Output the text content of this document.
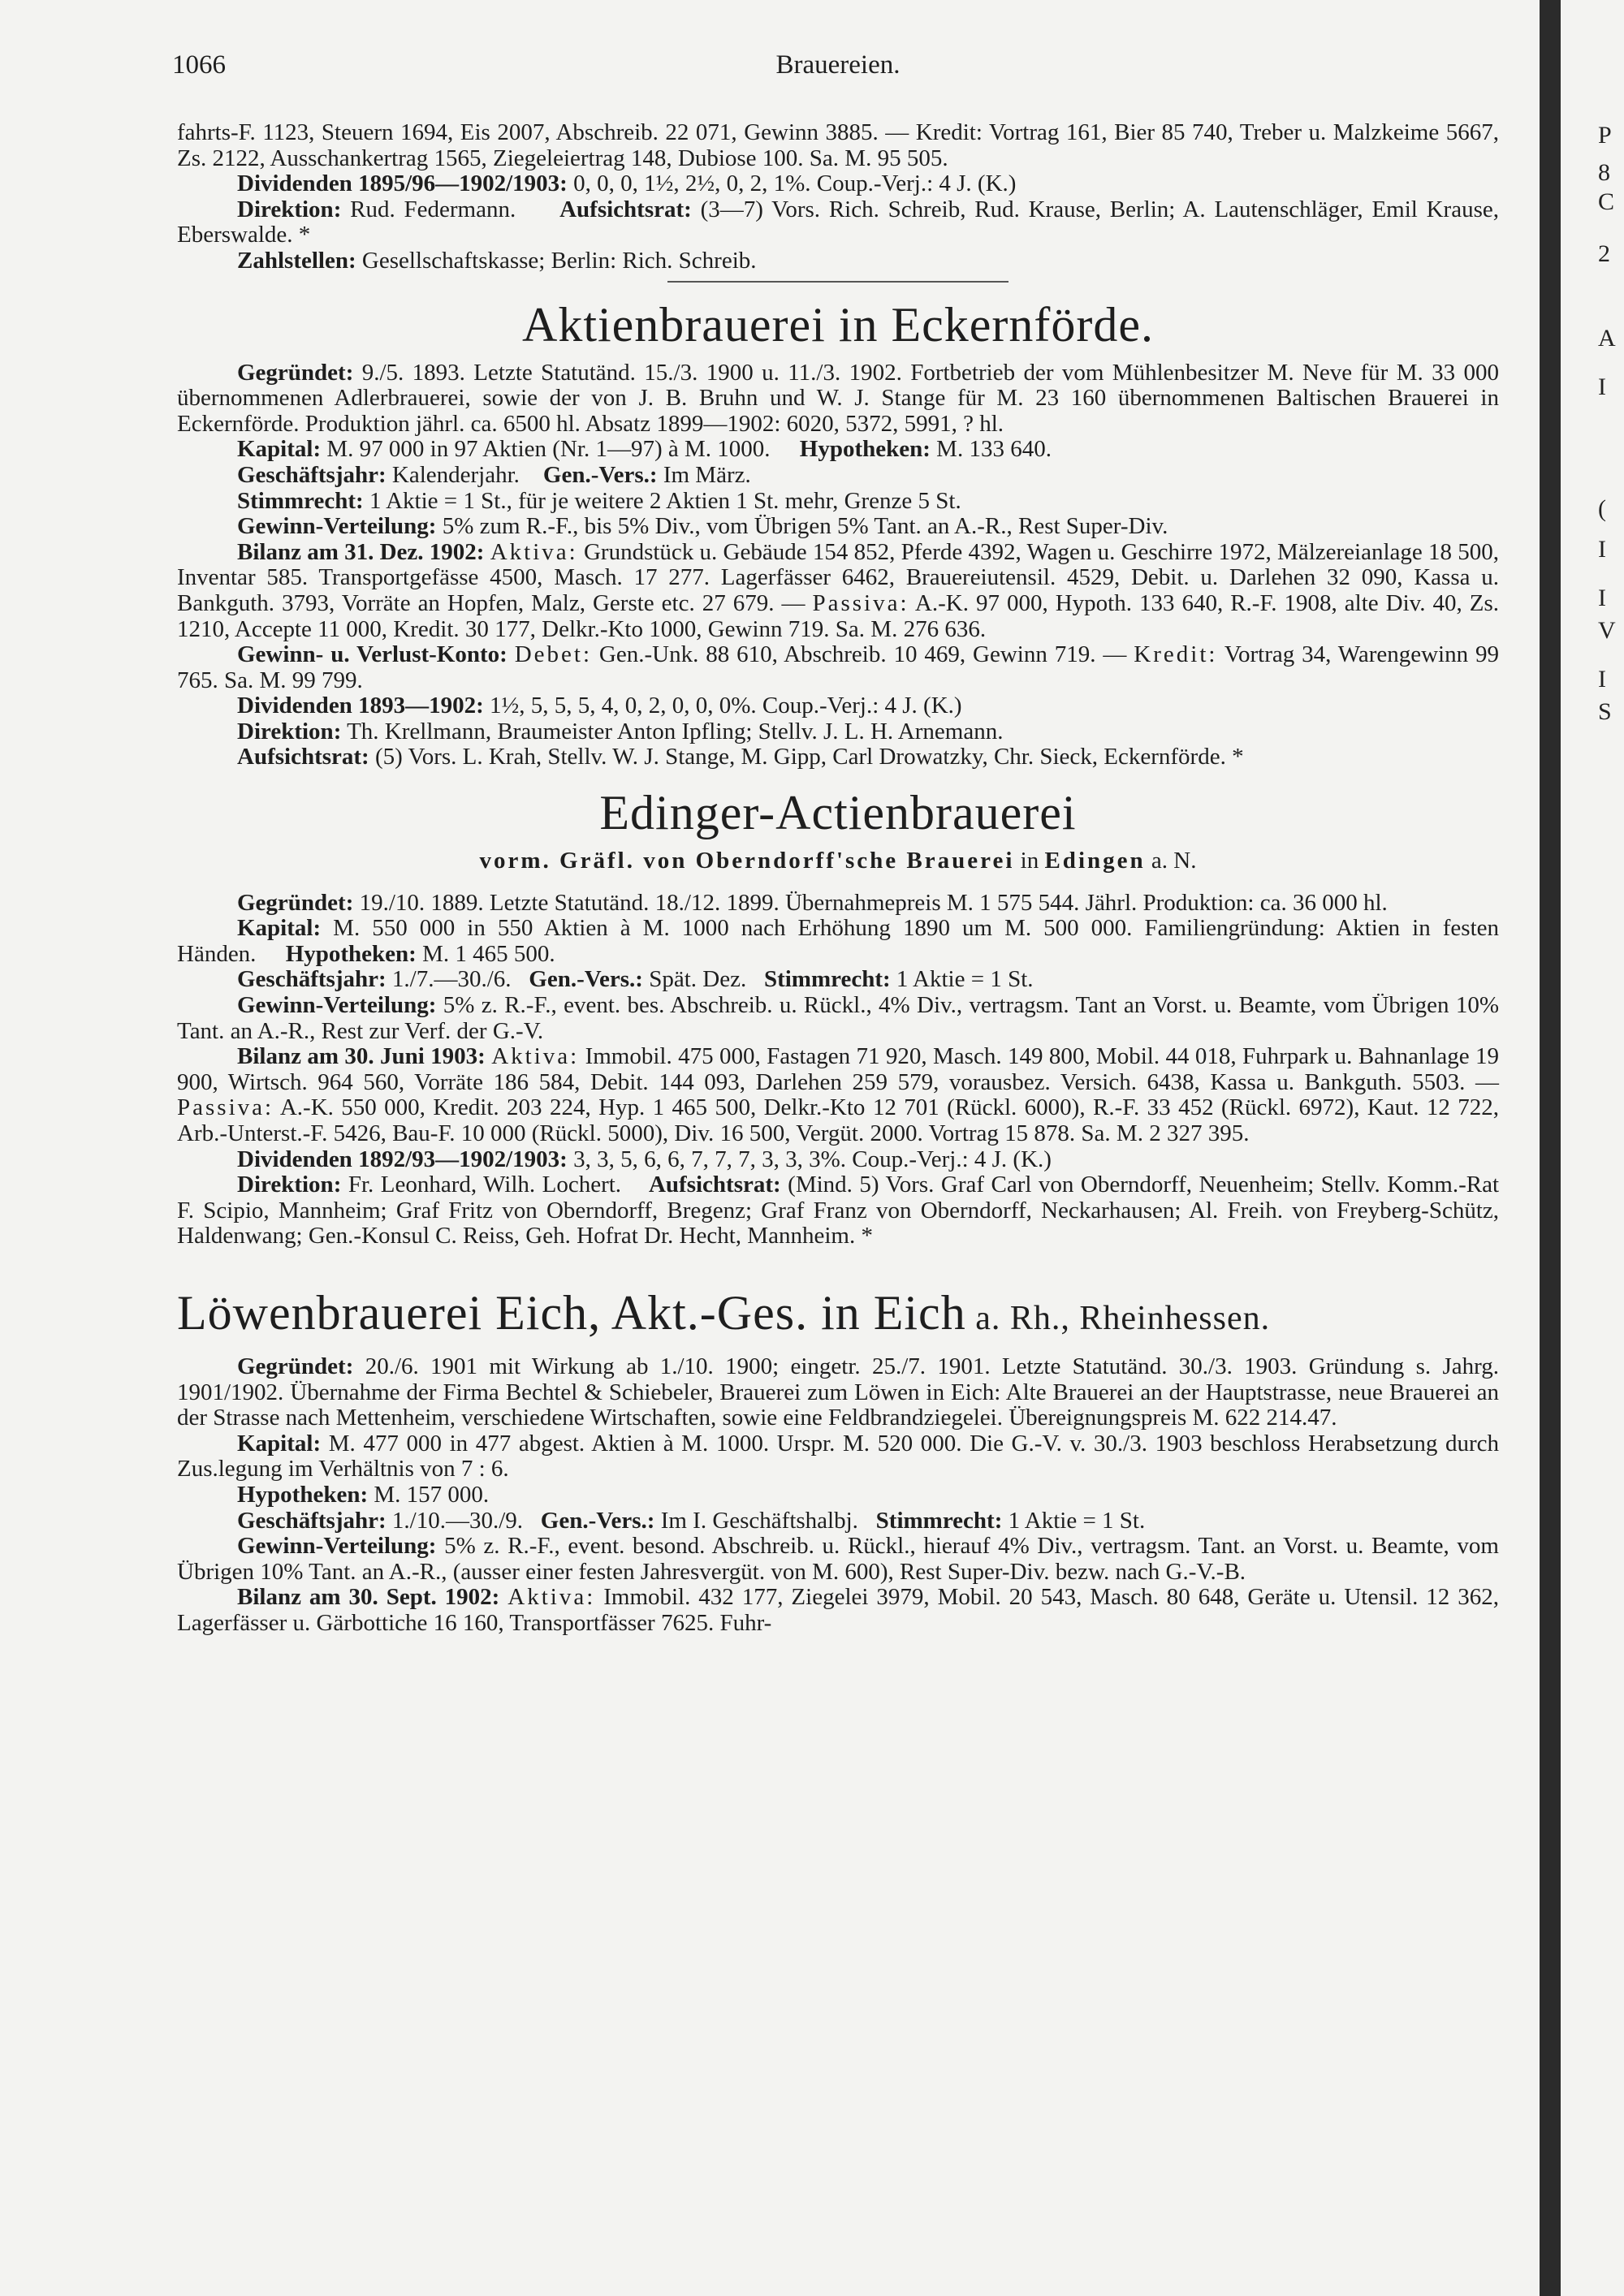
1066	Brauereien.

fahrts-F. 1123, Steuern 1694, Eis 2007, Abschreib. 22 071, Gewinn 3885. — Kredit: Vortrag 161, Bier 85 740, Treber u. Malzkeime 5667, Zs. 2122, Ausschankertrag 1565, Ziegeleiertrag 148, Dubiose 100. Sa. M. 95 505.

Dividenden 1895/96—1902/1903: 0, 0, 0, 1½, 2½, 0, 2, 1%. Coup.-Verj.: 4 J. (K.)

Direktion: Rud. Federmann. Aufsichtsrat: (3—7) Vors. Rich. Schreib, Rud. Krause, Berlin; A. Lautenschläger, Emil Krause, Eberswalde. *

Zahlstellen: Gesellschaftskasse; Berlin: Rich. Schreib.

Aktienbrauerei in Eckernförde.

Gegründet: 9./5. 1893. Letzte Statutänd. 15./3. 1900 u. 11./3. 1902. Fortbetrieb der vom Mühlenbesitzer M. Neve für M. 33 000 übernommenen Adlerbrauerei, sowie der von J. B. Bruhn und W. J. Stange für M. 23 160 übernommenen Baltischen Brauerei in Eckernförde. Produktion jährl. ca. 6500 hl. Absatz 1899—1902: 6020, 5372, 5991, ? hl.

Kapital: M. 97 000 in 97 Aktien (Nr. 1—97) à M. 1000. Hypotheken: M. 133 640.

Geschäftsjahr: Kalenderjahr. Gen.-Vers.: Im März.

Stimmrecht: 1 Aktie = 1 St., für je weitere 2 Aktien 1 St. mehr, Grenze 5 St.

Gewinn-Verteilung: 5% zum R.-F., bis 5% Div., vom Übrigen 5% Tant. an A.-R., Rest Super-Div.

Bilanz am 31. Dez. 1902: Aktiva: Grundstück u. Gebäude 154 852, Pferde 4392, Wagen u. Geschirre 1972, Mälzereianlage 18 500, Inventar 585. Transportgefässe 4500, Masch. 17 277. Lagerfässer 6462, Brauereiutensil. 4529, Debit. u. Darlehen 32 090, Kassa u. Bankguth. 3793, Vorräte an Hopfen, Malz, Gerste etc. 27 679. — Passiva: A.-K. 97 000, Hypoth. 133 640, R.-F. 1908, alte Div. 40, Zs. 1210, Accepte 11 000, Kredit. 30 177, Delkr.-Kto 1000, Gewinn 719. Sa. M. 276 636.

Gewinn- u. Verlust-Konto: Debet: Gen.-Unk. 88 610, Abschreib. 10 469, Gewinn 719. — Kredit: Vortrag 34, Warengewinn 99 765. Sa. M. 99 799.

Dividenden 1893—1902: 1½, 5, 5, 5, 4, 0, 2, 0, 0, 0%. Coup.-Verj.: 4 J. (K.)

Direktion: Th. Krellmann, Braumeister Anton Ipfling; Stellv. J. L. H. Arnemann.

Aufsichtsrat: (5) Vors. L. Krah, Stellv. W. J. Stange, M. Gipp, Carl Drowatzky, Chr. Sieck, Eckernförde. *

Edinger-Actienbrauerei

vorm. Gräfl. von Oberndorff'sche Brauerei in Edingen a. N.

Gegründet: 19./10. 1889. Letzte Statutänd. 18./12. 1899. Übernahmepreis M. 1 575 544. Jährl. Produktion: ca. 36 000 hl.

Kapital: M. 550 000 in 550 Aktien à M. 1000 nach Erhöhung 1890 um M. 500 000. Familiengründung: Aktien in festen Händen. Hypotheken: M. 1 465 500.

Geschäftsjahr: 1./7.—30./6. Gen.-Vers.: Spät. Dez. Stimmrecht: 1 Aktie = 1 St.

Gewinn-Verteilung: 5% z. R.-F., event. bes. Abschreib. u. Rückl., 4% Div., vertragsm. Tant an Vorst. u. Beamte, vom Übrigen 10% Tant. an A.-R., Rest zur Verf. der G.-V.

Bilanz am 30. Juni 1903: Aktiva: Immobil. 475 000, Fastagen 71 920, Masch. 149 800, Mobil. 44 018, Fuhrpark u. Bahnanlage 19 900, Wirtsch. 964 560, Vorräte 186 584, Debit. 144 093, Darlehen 259 579, vorausbez. Versich. 6438, Kassa u. Bankguth. 5503. — Passiva: A.-K. 550 000, Kredit. 203 224, Hyp. 1 465 500, Delkr.-Kto 12 701 (Rückl. 6000), R.-F. 33 452 (Rückl. 6972), Kaut. 12 722, Arb.-Unterst.-F. 5426, Bau-F. 10 000 (Rückl. 5000), Div. 16 500, Vergüt. 2000. Vortrag 15 878. Sa. M. 2 327 395.

Dividenden 1892/93—1902/1903: 3, 3, 5, 6, 6, 7, 7, 7, 3, 3, 3%. Coup.-Verj.: 4 J. (K.)

Direktion: Fr. Leonhard, Wilh. Lochert. Aufsichtsrat: (Mind. 5) Vors. Graf Carl von Oberndorff, Neuenheim; Stellv. Komm.-Rat F. Scipio, Mannheim; Graf Fritz von Oberndorff, Bregenz; Graf Franz von Oberndorff, Neckarhausen; Al. Freih. von Freyberg-Schütz, Haldenwang; Gen.-Konsul C. Reiss, Geh. Hofrat Dr. Hecht, Mannheim. *

Löwenbrauerei Eich, Akt.-Ges. in Eich a. Rh., Rheinhessen.

Gegründet: 20./6. 1901 mit Wirkung ab 1./10. 1900; eingetr. 25./7. 1901. Letzte Statutänd. 30./3. 1903. Gründung s. Jahrg. 1901/1902. Übernahme der Firma Bechtel & Schiebeler, Brauerei zum Löwen in Eich: Alte Brauerei an der Hauptstrasse, neue Brauerei an der Strasse nach Mettenheim, verschiedene Wirtschaften, sowie eine Feldbrandziegelei. Übereignungspreis M. 622 214.47.

Kapital: M. 477 000 in 477 abgest. Aktien à M. 1000. Urspr. M. 520 000. Die G.-V. v. 30./3. 1903 beschloss Herabsetzung durch Zus.legung im Verhältnis von 7 : 6.

Hypotheken: M. 157 000.

Geschäftsjahr: 1./10.—30./9. Gen.-Vers.: Im I. Geschäftshalbj. Stimmrecht: 1 Aktie = 1 St.

Gewinn-Verteilung: 5% z. R.-F., event. besond. Abschreib. u. Rückl., hierauf 4% Div., vertragsm. Tant. an Vorst. u. Beamte, vom Übrigen 10% Tant. an A.-R., (ausser einer festen Jahresvergüt. von M. 600), Rest Super-Div. bezw. nach G.-V.-B.

Bilanz am 30. Sept. 1902: Aktiva: Immobil. 432 177, Ziegelei 3979, Mobil. 20 543, Masch. 80 648, Geräte u. Utensil. 12 362, Lagerfässer u. Gärbottiche 16 160, Transportfässer 7625. Fuhr-

P
8
C
2
A
I
(
I
I
V
I
S
